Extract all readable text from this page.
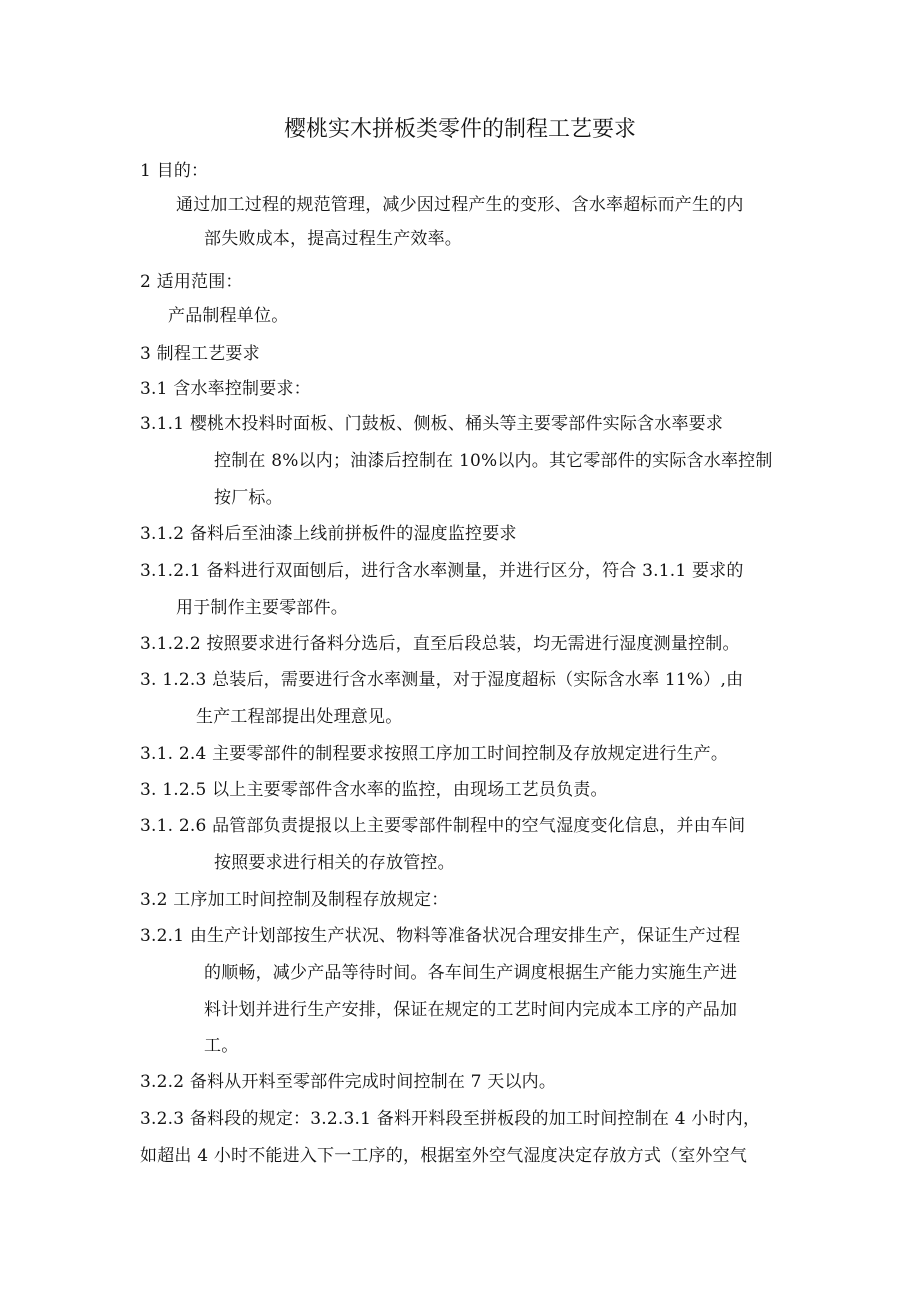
樱桃实木拼板类零件的制程工艺要求
1 目的：
通过加工过程的规范管理，减少因过程产生的变形、含水率超标而产生的内
部失败成本，提高过程生产效率。
2 适用范围：
产品制程单位。
3 制程工艺要求
3.1 含水率控制要求：
3.1.1 樱桃木投料时面板、门鼓板、侧板、桶头等主要零部件实际含水率要求
控制在 8%以内；油漆后控制在 10%以内。其它零部件的实际含水率控制
按厂标。
3.1.2 备料后至油漆上线前拼板件的湿度监控要求
3.1.2.1 备料进行双面刨后，进行含水率测量，并进行区分，符合 3.1.1 要求的
用于制作主要零部件。
3.1.2.2 按照要求进行备料分选后，直至后段总装，均无需进行湿度测量控制。
3. 1.2.3 总装后，需要进行含水率测量，对于湿度超标（实际含水率 11%）,由
生产工程部提出处理意见。
3.1. 2.4 主要零部件的制程要求按照工序加工时间控制及存放规定进行生产。
3. 1.2.5 以上主要零部件含水率的监控，由现场工艺员负责。
3.1. 2.6 品管部负责提报以上主要零部件制程中的空气湿度变化信息，并由车间
按照要求进行相关的存放管控。
3.2 工序加工时间控制及制程存放规定：
3.2.1 由生产计划部按生产状况、物料等准备状况合理安排生产，保证生产过程
的顺畅，减少产品等待时间。各车间生产调度根据生产能力实施生产进
料计划并进行生产安排，保证在规定的工艺时间内完成本工序的产品加
工。
3.2.2 备料从开料至零部件完成时间控制在 7 天以内。
3.2.3 备料段的规定：3.2.3.1 备料开料段至拼板段的加工时间控制在 4 小时内，
如超出 4 小时不能进入下一工序的，根据室外空气湿度决定存放方式（室外空气
